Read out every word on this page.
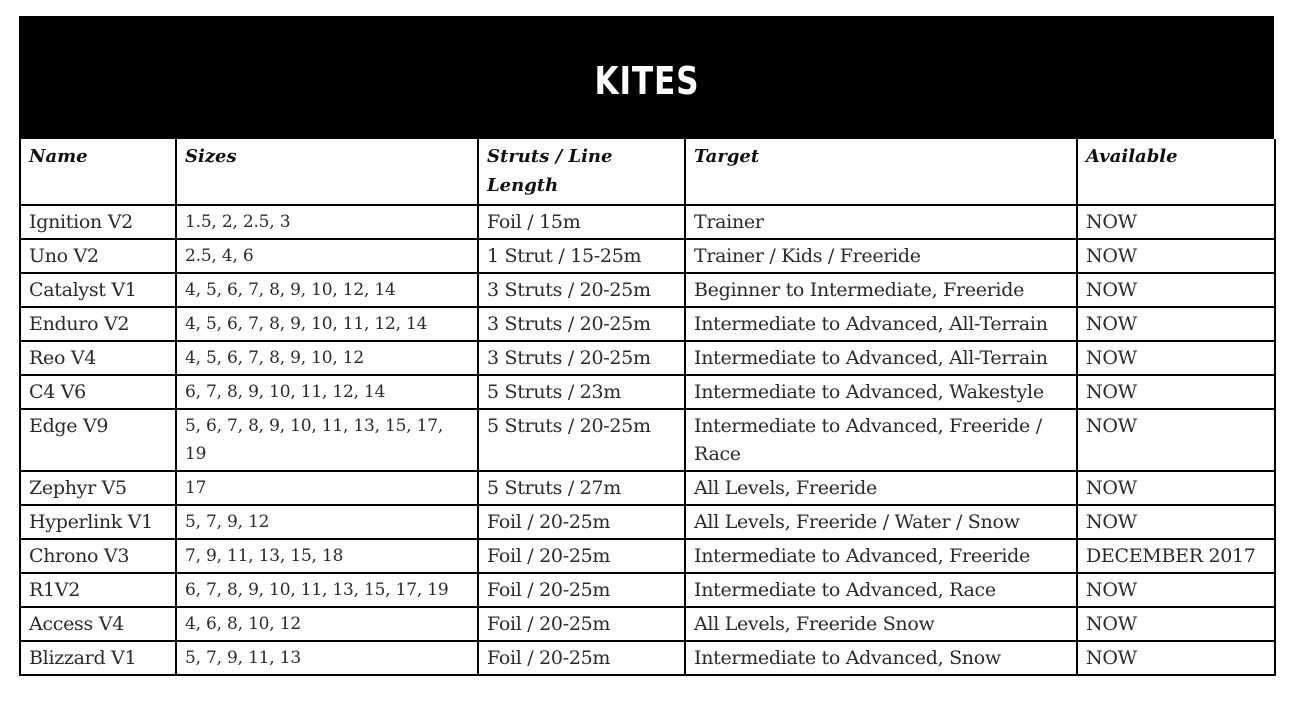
KITES
Name	Sizes	Struts / Line Length	Target	Available
Ignition V2	1.5, 2, 2.5, 3	Foil / 15m	Trainer	NOW
Uno V2	2.5, 4, 6	1 Strut / 15-25m	Trainer / Kids / Freeride	NOW
Catalyst V1	4, 5, 6, 7, 8, 9, 10, 12, 14	3 Struts / 20-25m	Beginner to Intermediate, Freeride	NOW
Enduro V2	4, 5, 6, 7, 8, 9, 10, 11, 12, 14	3 Struts / 20-25m	Intermediate to Advanced, All-Terrain	NOW
Reo V4	4, 5, 6, 7, 8, 9, 10, 12	3 Struts / 20-25m	Intermediate to Advanced, All-Terrain	NOW
C4 V6	6, 7, 8, 9, 10, 11, 12, 14	5 Struts / 23m	Intermediate to Advanced, Wakestyle	NOW
Edge V9	5, 6, 7, 8, 9, 10, 11, 13, 15, 17, 19	5 Struts / 20-25m	Intermediate to Advanced, Freeride / Race	NOW
Zephyr V5	17	5 Struts / 27m	All Levels, Freeride	NOW
Hyperlink V1	5, 7, 9, 12	Foil / 20-25m	All Levels, Freeride / Water / Snow	NOW
Chrono V3	7, 9, 11, 13, 15, 18	Foil / 20-25m	Intermediate to Advanced, Freeride	DECEMBER 2017
R1V2	6, 7, 8, 9, 10, 11, 13, 15, 17, 19	Foil / 20-25m	Intermediate to Advanced, Race	NOW
Access V4	4, 6, 8, 10, 12	Foil / 20-25m	All Levels, Freeride Snow	NOW
Blizzard V1	5, 7, 9, 11, 13	Foil / 20-25m	Intermediate to Advanced, Snow	NOW
